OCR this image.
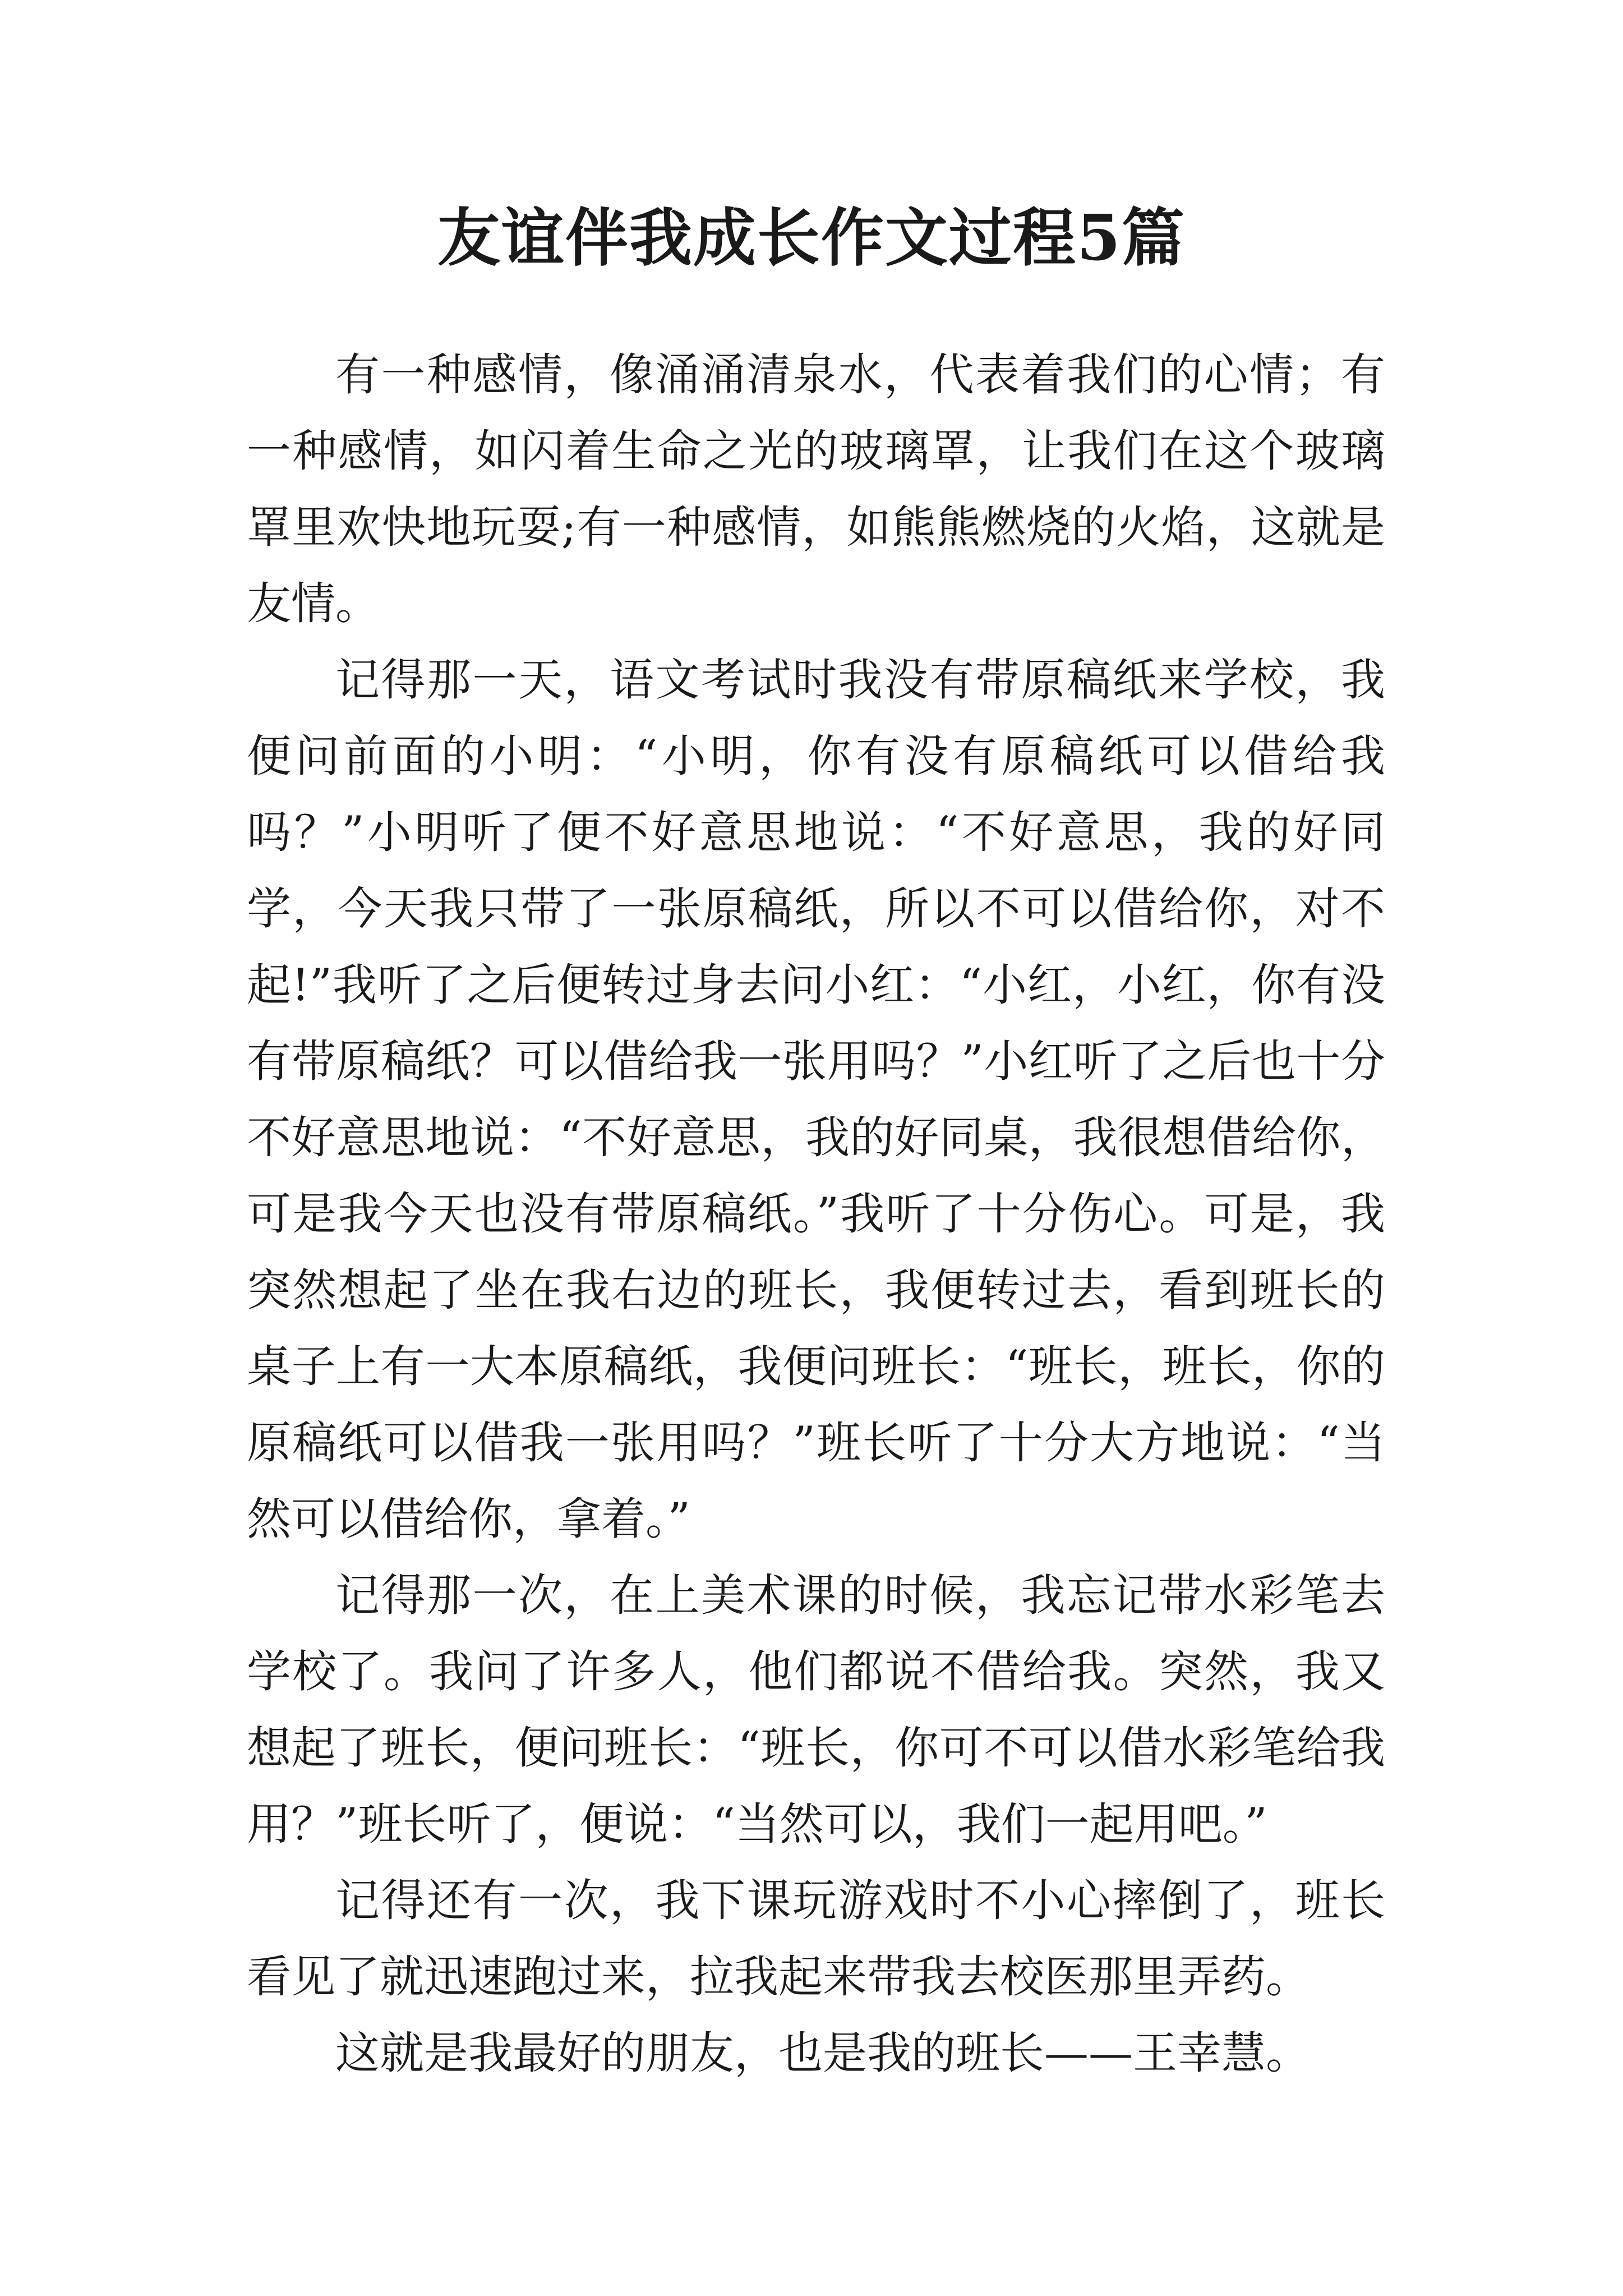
友谊伴我成长作文过程5篇

有一种感情，像涌涌清泉水，代表着我们的心情；有一种感情，如闪着生命之光的玻璃罩，让我们在这个玻璃罩里欢快地玩耍;有一种感情，如熊熊燃烧的火焰，这就是友情。

记得那一天，语文考试时我没有带原稿纸来学校，我便问前面的小明：“小明，你有没有原稿纸可以借给我吗？”小明听了便不好意思地说：“不好意思，我的好同学，今天我只带了一张原稿纸，所以不可以借给你，对不起!”我听了之后便转过身去问小红：“小红，小红，你有没有带原稿纸？可以借给我一张用吗？”小红听了之后也十分不好意思地说：“不好意思，我的好同桌，我很想借给你，可是我今天也没有带原稿纸。”我听了十分伤心。可是，我突然想起了坐在我右边的班长，我便转过去，看到班长的桌子上有一大本原稿纸，我便问班长：“班长，班长，你的原稿纸可以借我一张用吗？”班长听了十分大方地说：“当然可以借给你，拿着。”

记得那一次，在上美术课的时候，我忘记带水彩笔去学校了。我问了许多人，他们都说不借给我。突然，我又想起了班长，便问班长：“班长，你可不可以借水彩笔给我用？”班长听了，便说：“当然可以，我们一起用吧。”

记得还有一次，我下课玩游戏时不小心摔倒了，班长看见了就迅速跑过来，拉我起来带我去校医那里弄药。

这就是我最好的朋友，也是我的班长——王幸慧。
